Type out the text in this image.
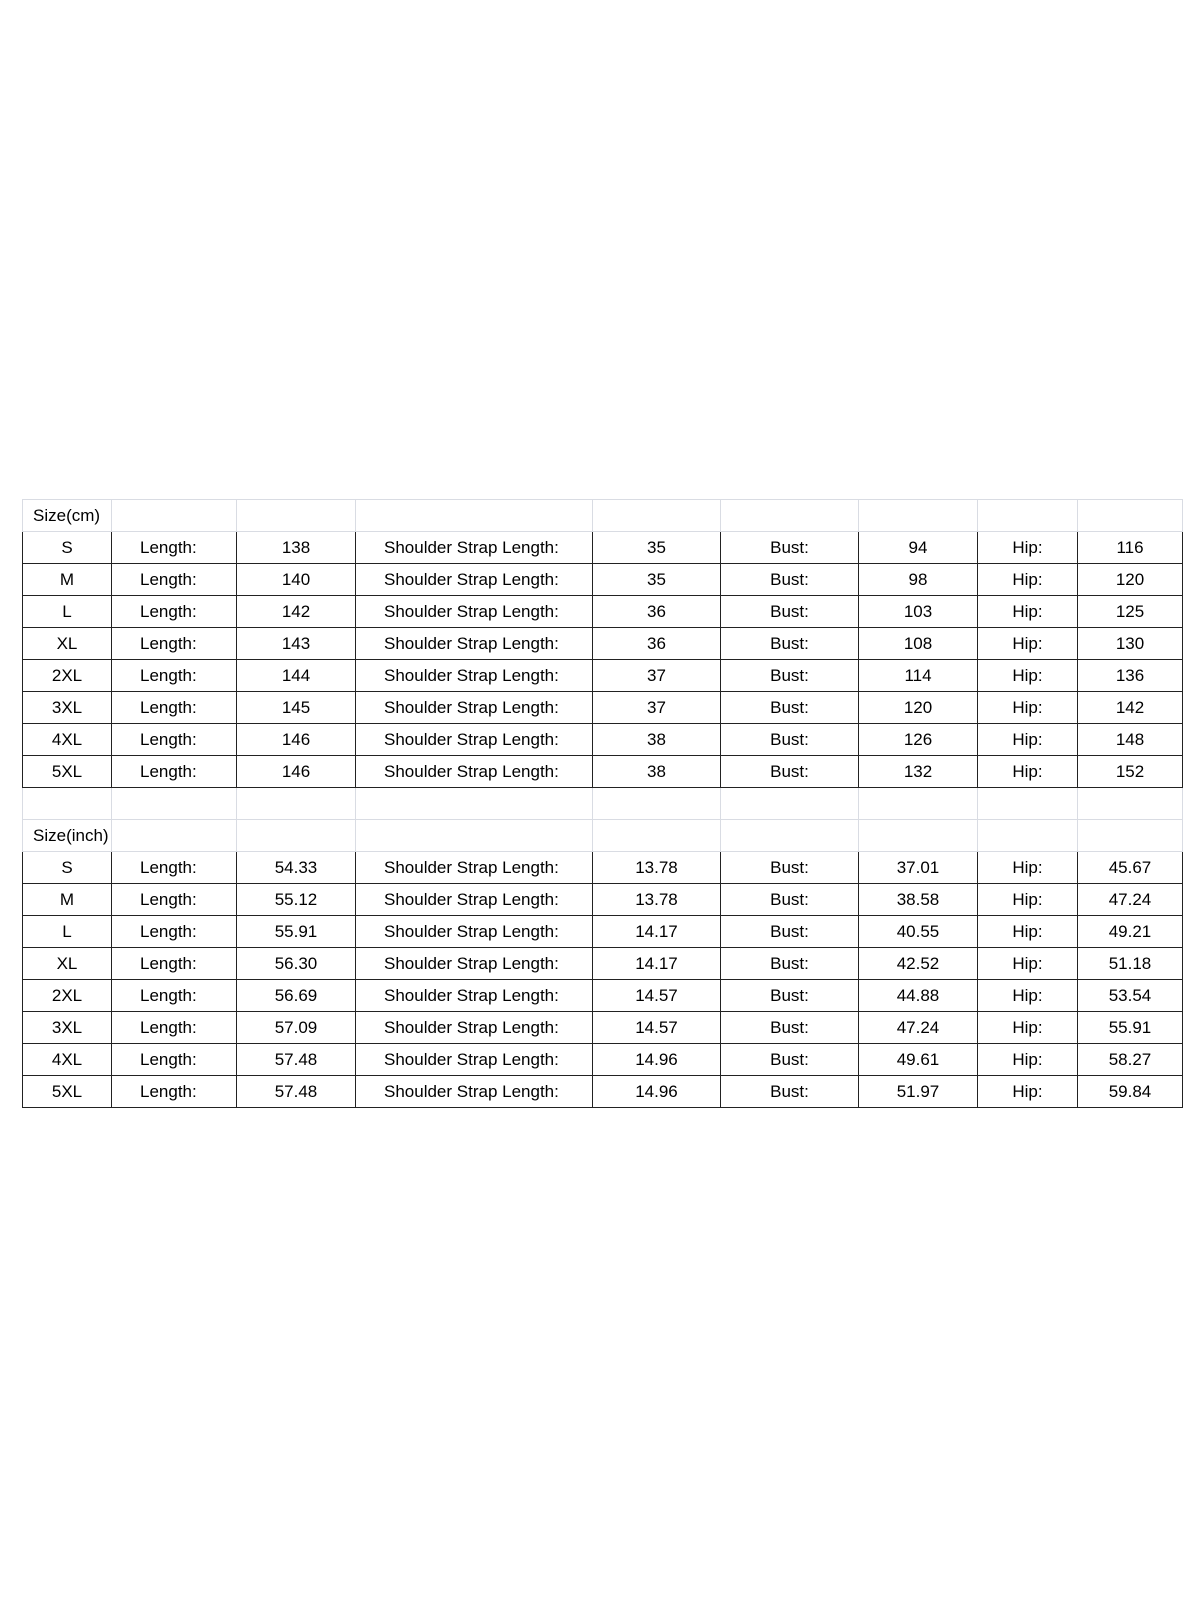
Size(cm)								
S	Length:	138	Shoulder Strap Length:	35	Bust:	94	Hip:	116
M	Length:	140	Shoulder Strap Length:	35	Bust:	98	Hip:	120
L	Length:	142	Shoulder Strap Length:	36	Bust:	103	Hip:	125
XL	Length:	143	Shoulder Strap Length:	36	Bust:	108	Hip:	130
2XL	Length:	144	Shoulder Strap Length:	37	Bust:	114	Hip:	136
3XL	Length:	145	Shoulder Strap Length:	37	Bust:	120	Hip:	142
4XL	Length:	146	Shoulder Strap Length:	38	Bust:	126	Hip:	148
5XL	Length:	146	Shoulder Strap Length:	38	Bust:	132	Hip:	152

Size(inch)								
S	Length:	54.33	Shoulder Strap Length:	13.78	Bust:	37.01	Hip:	45.67
M	Length:	55.12	Shoulder Strap Length:	13.78	Bust:	38.58	Hip:	47.24
L	Length:	55.91	Shoulder Strap Length:	14.17	Bust:	40.55	Hip:	49.21
XL	Length:	56.30	Shoulder Strap Length:	14.17	Bust:	42.52	Hip:	51.18
2XL	Length:	56.69	Shoulder Strap Length:	14.57	Bust:	44.88	Hip:	53.54
3XL	Length:	57.09	Shoulder Strap Length:	14.57	Bust:	47.24	Hip:	55.91
4XL	Length:	57.48	Shoulder Strap Length:	14.96	Bust:	49.61	Hip:	58.27
5XL	Length:	57.48	Shoulder Strap Length:	14.96	Bust:	51.97	Hip:	59.84
